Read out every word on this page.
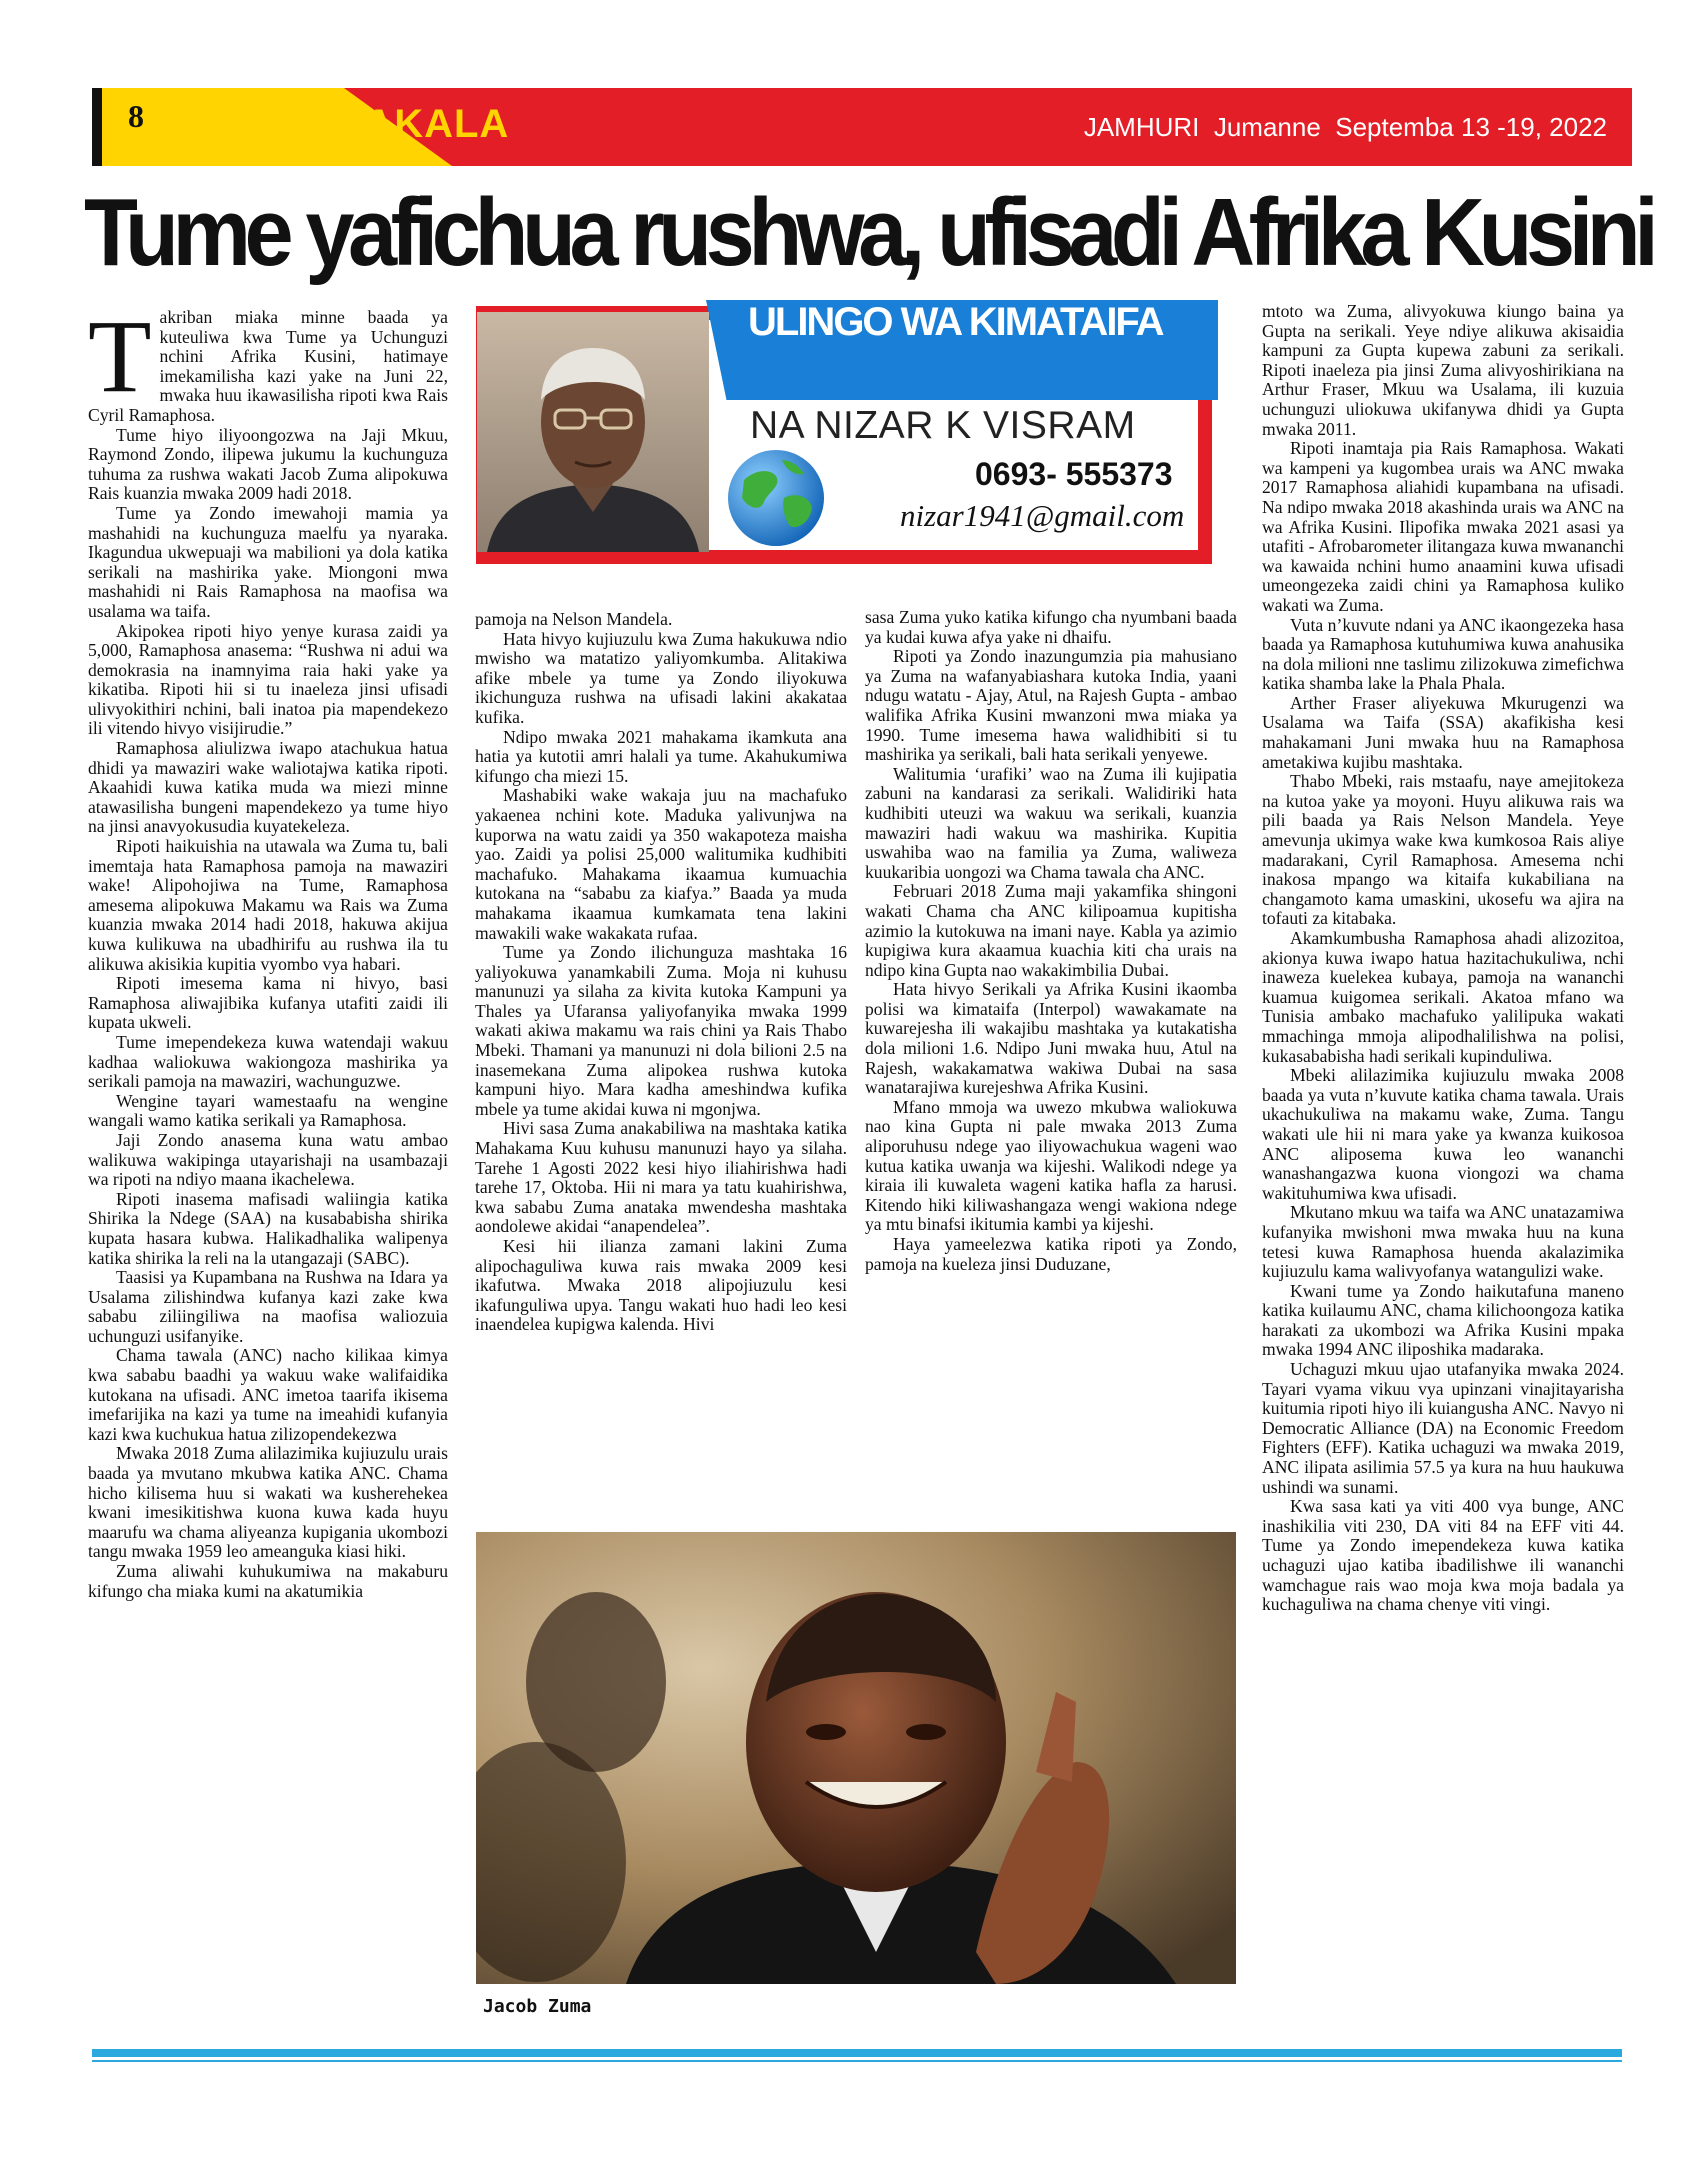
8	MAKALA	JAMHURI  Jumanne  Septemba 13 -19, 2022
Tume yafichua rushwa, ufisadi Afrika Kusini
T akriban miaka minne baada ya kuteuliwa kwa Tume ya Uchunguzi nchini Afrika Kusini, hatimaye imekamilisha kazi yake na Juni 22, mwaka huu ikawasilisha ripoti kwa Rais Cyril Ramaphosa.

Tume hiyo iliyoongozwa na Jaji Mkuu, Raymond Zondo, ilipewa jukumu la kuchunguza tuhuma za rushwa wakati Jacob Zuma alipokuwa Rais kuanzia mwaka 2009 hadi 2018.

Tume ya Zondo imewahoji mamia ya mashahidi na kuchunguza maelfu ya nyaraka. Ikagundua ukwepuaji wa mabilioni ya dola katika serikali na mashirika yake. Miongoni mwa mashahidi ni Rais Ramaphosa na maofisa wa usalama wa taifa.

Akipokea ripoti hiyo yenye kurasa zaidi ya 5,000, Ramaphosa anasema: “Rushwa ni adui wa demokrasia na inamnyima raia haki yake ya kikatiba. Ripoti hii si tu inaeleza jinsi ufisadi ulivyokithiri nchini, bali inatoa pia mapendekezo ili vitendo hivyo visijirudie.”

Ramaphosa aliulizwa iwapo atachukua hatua dhidi ya mawaziri wake waliotajwa katika ripoti. Akaahidi kuwa katika muda wa miezi minne atawasilisha bungeni mapendekezo ya tume hiyo na jinsi anavyokusudia kuyatekeleza.

Ripoti haikuishia na utawala wa Zuma tu, bali imemtaja hata Ramaphosa pamoja na mawaziri wake! Alipohojiwa na Tume, Ramaphosa amesema alipokuwa Makamu wa Rais wa Zuma kuanzia mwaka 2014 hadi 2018, hakuwa akijua kuwa kulikuwa na ubadhirifu au rushwa ila tu alikuwa akisikia kupitia vyombo vya habari.

Ripoti imesema kama ni hivyo, basi Ramaphosa aliwajibika kufanya utafiti zaidi ili kupata ukweli.

Tume imependekeza kuwa watendaji wakuu kadhaa waliokuwa wakiongoza mashirika ya serikali pamoja na mawaziri, wachunguzwe.

Wengine tayari wamestaafu na wengine wangali wamo katika serikali ya Ramaphosa.

Jaji Zondo anasema kuna watu ambao walikuwa wakipinga utayarishaji na usambazaji wa ripoti na ndiyo maana ikachelewa.

Ripoti inasema mafisadi waliingia katika Shirika la Ndege (SAA) na kusababisha shirika kupata hasara kubwa. Halikadhalika walipenya katika shirika la reli na la utangazaji (SABC).

Taasisi ya Kupambana na Rushwa na Idara ya Usalama zilishindwa kufanya kazi zake kwa sababu ziliingiliwa na maofisa waliozuia uchunguzi usifanyike.

Chama tawala (ANC) nacho kilikaa kimya kwa sababu baadhi ya wakuu wake walifaidika kutokana na ufisadi. ANC imetoa taarifa ikisema imefarijika na kazi ya tume na imeahidi kufanyia kazi kwa kuchukua hatua zilizopendekezwa

Mwaka 2018 Zuma alilazimika kujiuzulu urais baada ya mvutano mkubwa katika ANC. Chama hicho kilisema huu si wakati wa kusherehekea kwani imesikitishwa kuona kuwa kada huyu maarufu wa chama aliyeanza kupigania ukombozi tangu mwaka 1959 leo ameanguka kiasi hiki.

Zuma aliwahi kuhukumiwa na makaburu kifungo cha miaka kumi na akatumikia

ULINGO WA KIMATAIFA
NA NIZAR K VISRAM
0693- 555373
nizar1941@gmail.com

pamoja na Nelson Mandela.

Hata hivyo kujiuzulu kwa Zuma hakukuwa ndio mwisho wa matatizo yaliyomkumba. Alitakiwa afike mbele ya tume ya Zondo iliyokuwa ikichunguza rushwa na ufisadi lakini akakataa kufika.

Ndipo mwaka 2021 mahakama ikamkuta ana hatia ya kutotii amri halali ya tume. Akahukumiwa kifungo cha miezi 15.

Mashabiki wake wakaja juu na machafuko yakaenea nchini kote. Maduka yalivunjwa na kuporwa na watu zaidi ya 350 wakapoteza maisha yao. Zaidi ya polisi 25,000 walitumika kudhibiti machafuko. Mahakama ikaamua kumuachia kutokana na “sababu za kiafya.” Baada ya muda mahakama ikaamua kumkamata tena lakini mawakili wake wakakata rufaa.

Tume ya Zondo ilichunguza mashtaka 16 yaliyokuwa yanamkabili Zuma. Moja ni kuhusu manunuzi ya silaha za kivita kutoka Kampuni ya Thales ya Ufaransa yaliyofanyika mwaka 1999 wakati akiwa makamu wa rais chini ya Rais Thabo Mbeki. Thamani ya manunuzi ni dola bilioni 2.5 na inasemekana Zuma alipokea rushwa kutoka kampuni hiyo. Mara kadha ameshindwa kufika mbele ya tume akidai kuwa ni mgonjwa.

Hivi sasa Zuma anakabiliwa na mashtaka katika Mahakama Kuu kuhusu manunuzi hayo ya silaha. Tarehe 1 Agosti 2022 kesi hiyo iliahirishwa hadi tarehe 17, Oktoba. Hii ni mara ya tatu kuahirishwa, kwa sababu Zuma anataka mwendesha mashtaka aondolewe akidai “anapendelea”.

Kesi hii ilianza zamani lakini Zuma alipochaguliwa kuwa rais mwaka 2009 kesi ikafutwa. Mwaka 2018 alipojiuzulu kesi ikafunguliwa upya. Tangu wakati huo hadi leo kesi inaendelea kupigwa kalenda. Hivi

sasa Zuma yuko katika kifungo cha nyumbani baada ya kudai kuwa afya yake ni dhaifu.

Ripoti ya Zondo inazungumzia pia mahusiano ya Zuma na wafanyabiashara kutoka India, yaani ndugu watatu - Ajay, Atul, na Rajesh Gupta - ambao walifika Afrika Kusini mwanzoni mwa miaka ya 1990. Tume imesema hawa walidhibiti si tu mashirika ya serikali, bali hata serikali yenyewe.

Walitumia ‘urafiki’ wao na Zuma ili kujipatia zabuni na kandarasi za serikali. Walidiriki hata kudhibiti uteuzi wa wakuu wa serikali, kuanzia mawaziri hadi wakuu wa mashirika. Kupitia uswahiba wao na familia ya Zuma, waliweza kuukaribia uongozi wa Chama tawala cha ANC.

Februari 2018 Zuma maji yakamfika shingoni wakati Chama cha ANC kilipoamua kupitisha azimio la kutokuwa na imani naye. Kabla ya azimio kupigiwa kura akaamua kuachia kiti cha urais na ndipo kina Gupta nao wakakimbilia Dubai.

Hata hivyo Serikali ya Afrika Kusini ikaomba polisi wa kimataifa (Interpol) wawakamate na kuwarejesha ili wakajibu mashtaka ya kutakatisha dola milioni 1.6. Ndipo Juni mwaka huu, Atul na Rajesh, wakakamatwa wakiwa Dubai na sasa wanatarajiwa kurejeshwa Afrika Kusini.

Mfano mmoja wa uwezo mkubwa waliokuwa nao kina Gupta ni pale mwaka 2013 Zuma aliporuhusu ndege yao iliyowachukua wageni wao kutua katika uwanja wa kijeshi. Walikodi ndege ya kiraia ili kuwaleta wageni katika hafla za harusi. Kitendo hiki kiliwashangaza wengi wakiona ndege ya mtu binafsi ikitumia kambi ya kijeshi.

Haya yameelezwa katika ripoti ya Zondo, pamoja na kueleza jinsi Duduzane,

mtoto wa Zuma, alivyokuwa kiungo baina ya Gupta na serikali. Yeye ndiye alikuwa akisaidia kampuni za Gupta kupewa zabuni za serikali. Ripoti inaeleza pia jinsi Zuma alivyoshirikiana na Arthur Fraser, Mkuu wa Usalama, ili kuzuia uchunguzi uliokuwa ukifanywa dhidi ya Gupta mwaka 2011.

Ripoti inamtaja pia Rais Ramaphosa. Wakati wa kampeni ya kugombea urais wa ANC mwaka 2017 Ramaphosa aliahidi kupambana na ufisadi. Na ndipo mwaka 2018 akashinda urais wa ANC na wa Afrika Kusini. Ilipofika mwaka 2021 asasi ya utafiti - Afrobarometer ilitangaza kuwa mwananchi wa kawaida nchini humo anaamini kuwa ufisadi umeongezeka zaidi chini ya Ramaphosa kuliko wakati wa Zuma.

Vuta n’kuvute ndani ya ANC ikaongezeka hasa baada ya Ramaphosa kutuhumiwa kuwa anahusika na dola milioni nne taslimu zilizokuwa zimefichwa katika shamba lake la Phala Phala.

Arther Fraser aliyekuwa Mkurugenzi wa Usalama wa Taifa (SSA) akafikisha kesi mahakamani Juni mwaka huu na Ramaphosa ametakiwa kujibu mashtaka.

Thabo Mbeki, rais mstaafu, naye amejitokeza na kutoa yake ya moyoni. Huyu alikuwa rais wa pili baada ya Rais Nelson Mandela. Yeye amevunja ukimya wake kwa kumkosoa Rais aliye madarakani, Cyril Ramaphosa. Amesema nchi inakosa mpango wa kitaifa kukabiliana na changamoto kama umaskini, ukosefu wa ajira na tofauti za kitabaka.

Akamkumbusha Ramaphosa ahadi alizozitoa, akionya kuwa iwapo hatua hazitachukuliwa, nchi inaweza kuelekea kubaya, pamoja na wananchi kuamua kuigomea serikali. Akatoa mfano wa Tunisia ambako machafuko yalilipuka wakati mmachinga mmoja alipodhalilishwa na polisi, kukasababisha hadi serikali kupinduliwa.

Mbeki alilazimika kujiuzulu mwaka 2008 baada ya vuta n’kuvute katika chama tawala. Urais ukachukuliwa na makamu wake, Zuma. Tangu wakati ule hii ni mara yake ya kwanza kuikosoa ANC aliposema kuwa leo wananchi wanashangazwa kuona viongozi wa chama wakituhumiwa kwa ufisadi.

Mkutano mkuu wa taifa wa ANC unatazamiwa kufanyika mwishoni mwa mwaka huu na kuna tetesi kuwa Ramaphosa huenda akalazimika kujiuzulu kama walivyofanya watangulizi wake.

Kwani tume ya Zondo haikutafuna maneno katika kuilaumu ANC, chama kilichoongoza katika harakati za ukombozi wa Afrika Kusini mpaka mwaka 1994 ANC iliposhika madaraka.

Uchaguzi mkuu ujao utafanyika mwaka 2024. Tayari vyama vikuu vya upinzani vinajitayarisha kuitumia ripoti hiyo ili kuiangusha ANC. Navyo ni Democratic Alliance (DA) na Economic Freedom Fighters (EFF). Katika uchaguzi wa mwaka 2019, ANC ilipata asilimia 57.5 ya kura na huu haukuwa ushindi wa sunami.

Kwa sasa kati ya viti 400 vya bunge, ANC inashikilia viti 230, DA viti 84 na EFF viti 44. Tume ya Zondo imependekeza kuwa katika uchaguzi ujao katiba ibadilishwe ili wananchi wamchague rais wao moja kwa moja badala ya kuchaguliwa na chama chenye viti vingi.

Jacob Zuma
